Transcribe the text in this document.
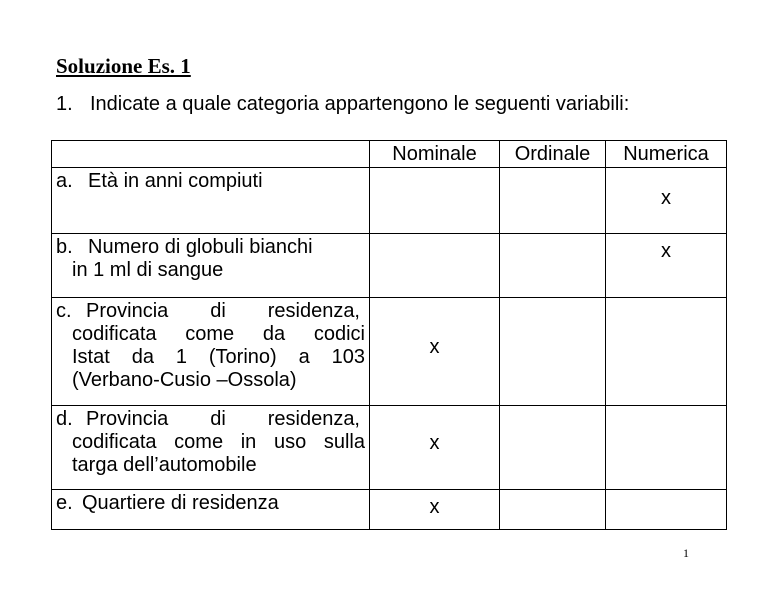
Soluzione Es. 1
1. Indicate a quale categoria appartengono le seguenti variabili:
	Nominale	Ordinale	Numerica
a. Età in anni compiuti			x

b. Numero di globuli bianchi
in 1 ml di sangue			x

c. Provincia di residenza,
codificata come da codici
Istat da 1 (Torino) a 103
(Verbano-Cusio –Ossola)	x		

d. Provincia di residenza,
codificata come in uso sulla
targa dell’automobile	x		

e. Quartiere di residenza	x		

1
